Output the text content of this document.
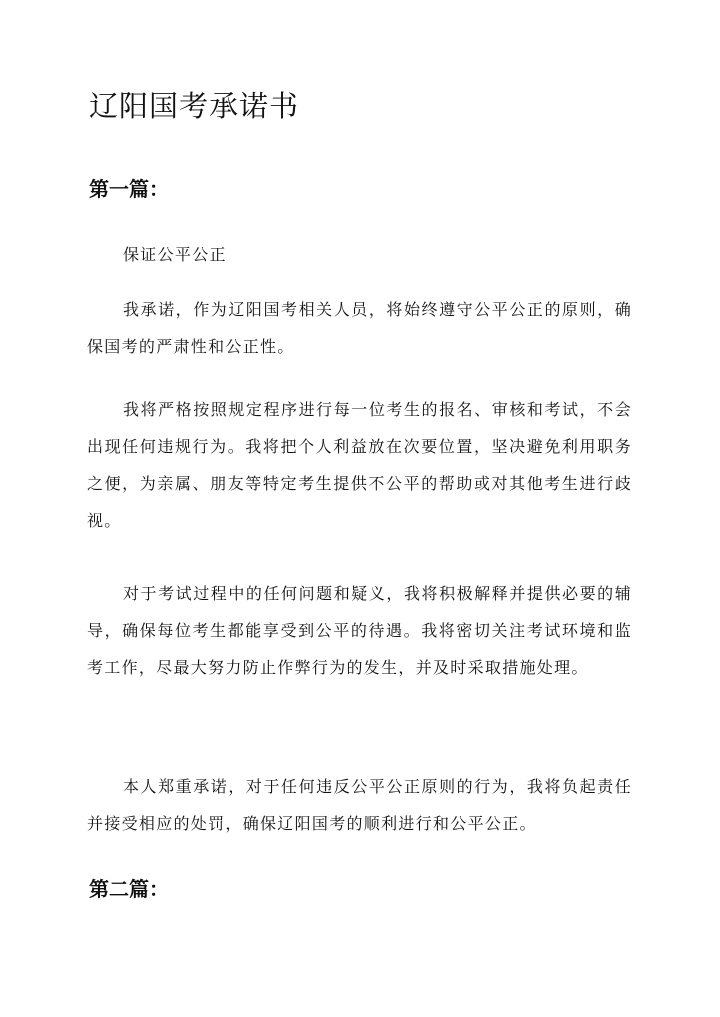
辽阳国考承诺书
第一篇：

保证公平公正

我承诺，作为辽阳国考相关人员，将始终遵守公平公正的原则，确保国考的严肃性和公正性。

我将严格按照规定程序进行每一位考生的报名、审核和考试，不会出现任何违规行为。我将把个人利益放在次要位置，坚决避免利用职务之便，为亲属、朋友等特定考生提供不公平的帮助或对其他考生进行歧视。

对于考试过程中的任何问题和疑义，我将积极解释并提供必要的辅导，确保每位考生都能享受到公平的待遇。我将密切关注考试环境和监考工作，尽最大努力防止作弊行为的发生，并及时采取措施处理。

本人郑重承诺，对于任何违反公平公正原则的行为，我将负起责任并接受相应的处罚，确保辽阳国考的顺利进行和公平公正。

第二篇：
